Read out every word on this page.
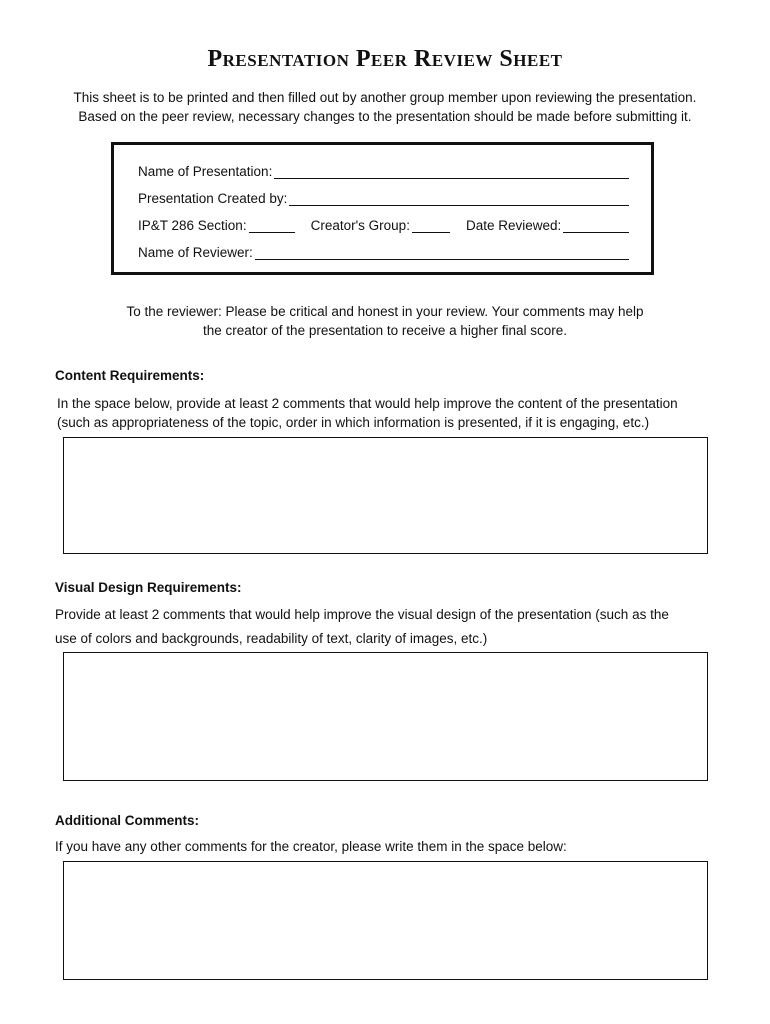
Presentation Peer Review Sheet
This sheet is to be printed and then filled out by another group member upon reviewing the presentation.
Based on the peer review, necessary changes to the presentation should be made before submitting it.
Name of Presentation:
Presentation Created by:
IP&T 286 Section:	Creator's Group:	Date Reviewed:
Name of Reviewer:
To the reviewer: Please be critical and honest in your review. Your comments may help
the creator of the presentation to receive a higher final score.
Content Requirements:
In the space below, provide at least 2 comments that would help improve the content of the presentation
(such as appropriateness of the topic, order in which information is presented, if it is engaging, etc.)
Visual Design Requirements:
Provide at least 2 comments that would help improve the visual design of the presentation (such as the
use of colors and backgrounds, readability of text, clarity of images, etc.)
Additional Comments:
If you have any other comments for the creator, please write them in the space below:
